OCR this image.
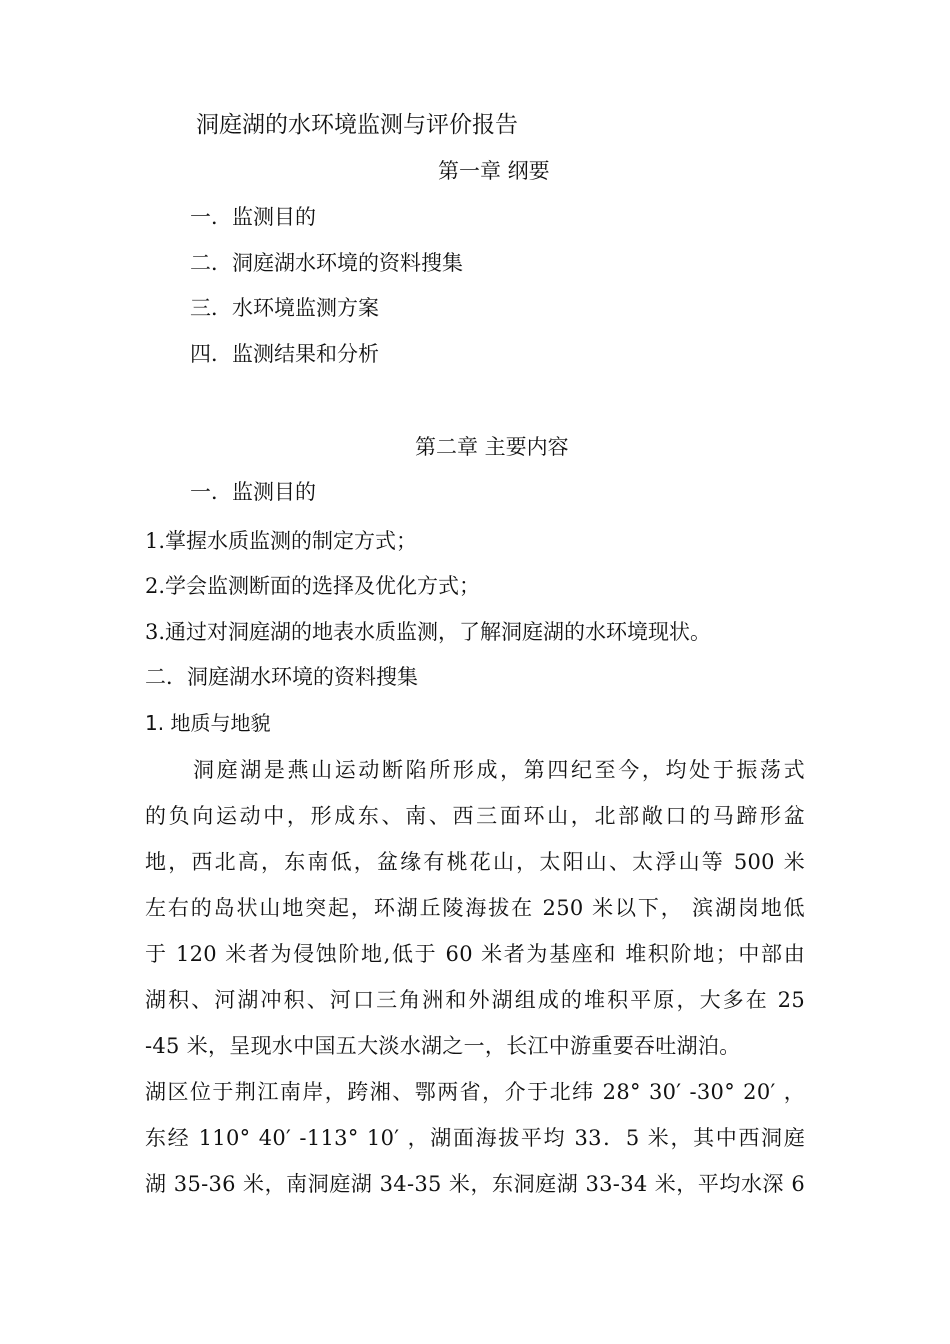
洞庭湖的水环境监测与评价报告
第一章 纲要
一．监测目的
二．洞庭湖水环境的资料搜集
三．水环境监测方案
四．监测结果和分析
第二章 主要内容
一．监测目的
1.掌握水质监测的制定方式；
2.学会监测断面的选择及优化方式；
3.通过对洞庭湖的地表水质监测，了解洞庭湖的水环境现状。
二．洞庭湖水环境的资料搜集
1. 地质与地貌
洞庭湖是燕山运动断陷所形成，第四纪至今，均处于振荡式
的负向运动中，形成东、南、西三面环山，北部敞口的马蹄形盆
地，西北高，东南低，盆缘有桃花山，太阳山、太浮山等 500 米
左右的岛状山地突起，环湖丘陵海拔在 250 米以下， 滨湖岗地低
于 120 米者为侵蚀阶地,低于 60 米者为基座和 堆积阶地；中部由
湖积、河湖冲积、河口三角洲和外湖组成的堆积平原，大多在 25
-45 米，呈现水中国五大淡水湖之一，长江中游重要吞吐湖泊。
湖区位于荆江南岸，跨湘、鄂两省，介于北纬 28° 30′ -30° 20′ ，
东经 110° 40′ -113° 10′ ，湖面海拔平均 33．5 米，其中西洞庭
湖 35-36 米，南洞庭湖 34-35 米，东洞庭湖 33-34 米，平均水深 6
